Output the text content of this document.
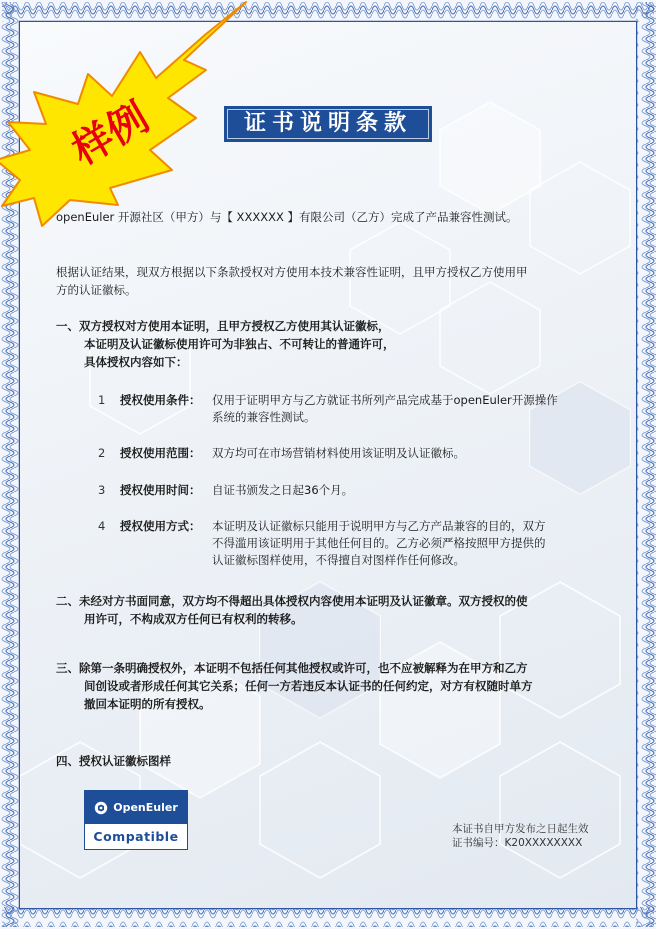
样例	证书说明条款
openEuler 开源社区（甲方）与【 XXXXXX 】有限公司（乙方）完成了产品兼容性测试。
根据认证结果，现双方根据以下条款授权对方使用本技术兼容性证明，且甲方授权乙方使用甲
方的认证徽标。
一、双方授权对方使用本证明，且甲方授权乙方使用其认证徽标，
本证明及认证徽标使用许可为非独占、不可转让的普通许可，
具体授权内容如下：
1 授权使用条件： 仅用于证明甲方与乙方就证书所列产品完成基于openEuler开源操作
系统的兼容性测试。
2 授权使用范围： 双方均可在市场营销材料使用该证明及认证徽标。
3 授权使用时间： 自证书颁发之日起36个月。
4 授权使用方式： 本证明及认证徽标只能用于说明甲方与乙方产品兼容的目的，双方
不得滥用该证明用于其他任何目的。乙方必须严格按照甲方提供的
认证徽标图样使用，不得擅自对图样作任何修改。
二、未经对方书面同意，双方均不得超出具体授权内容使用本证明及认证徽章。双方授权的使
用许可，不构成双方任何已有权利的转移。
三、除第一条明确授权外，本证明不包括任何其他授权或许可，也不应被解释为在甲方和乙方
间创设或者形成任何其它关系；任何一方若违反本认证书的任何约定，对方有权随时单方
撤回本证明的所有授权。
四、授权认证徽标图样
OpenEuler
Compatible	本证书自甲方发布之日起生效
证书编号：K20XXXXXXXX
